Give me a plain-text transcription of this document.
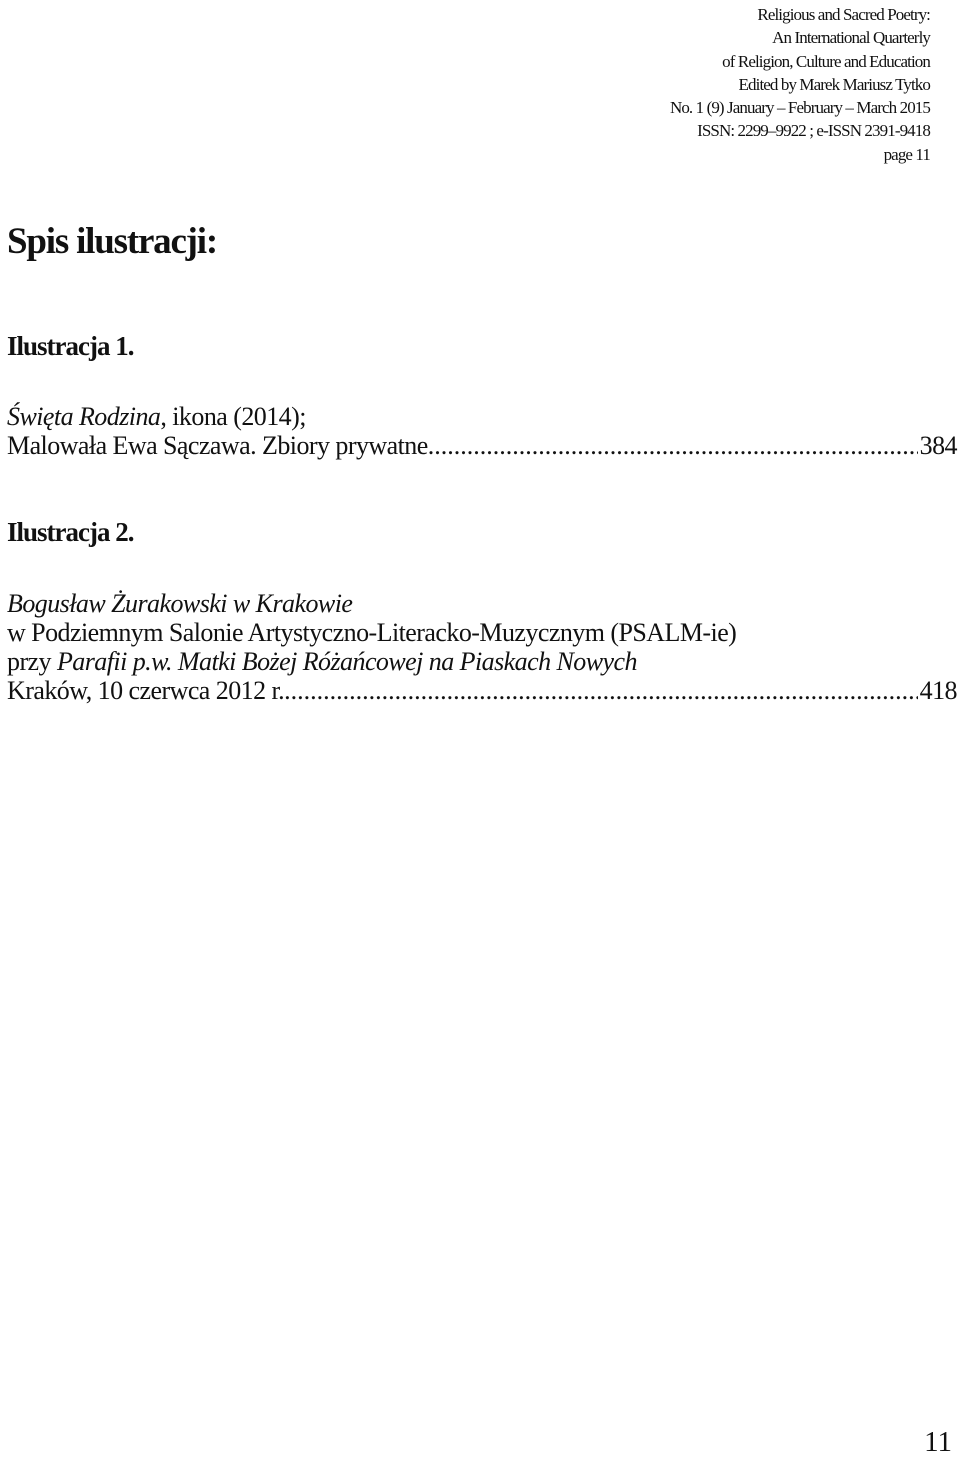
Religious and Sacred Poetry:
An International Quarterly
of Religion, Culture and Education
Edited by Marek Mariusz Tytko
No. 1 (9) January – February – March 2015
ISSN: 2299–9922 ; e-ISSN 2391-9418
page 11
Spis ilustracji:
Ilustracja 1.
Święta Rodzina, ikona (2014);
Malowała Ewa Sączawa. Zbiory prywatne .....	384
Ilustracja 2.
Bogusław Żurakowski w Krakowie
w Podziemnym Salonie Artystyczno-Literacko-Muzycznym (PSALM-ie)
przy Parafii p.w. Matki Bożej Różańcowej na Piaskach Nowych
Kraków, 10 czerwca 2012 r. .....	418
11
